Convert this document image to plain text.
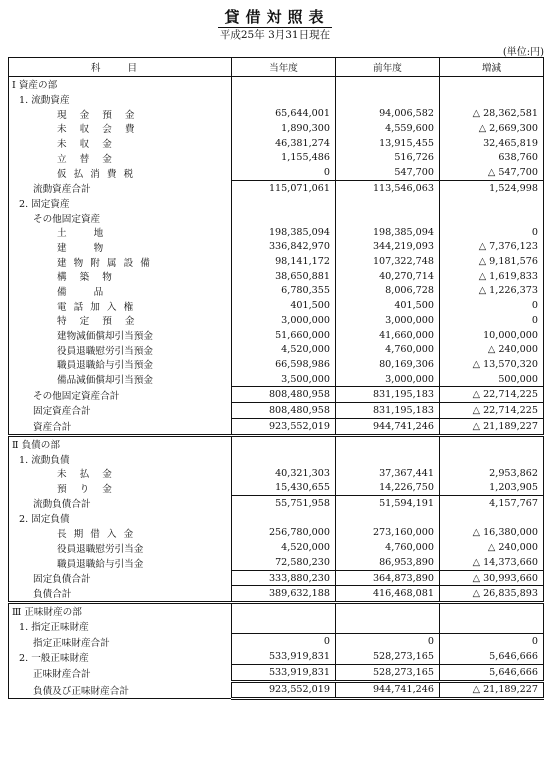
貸借対照表
平成25年 3月31日現在
(単位:円)
科 目	当年度	前年度	増減
Ⅰ 資産の部			
1. 流動資産			
現 金 預 金	65,644,001	94,006,582	△ 28,362,581
未 収 会 費	1,890,300	4,559,600	△ 2,669,300
未 収 金	46,381,274	13,915,455	32,465,819
立 替 金	1,155,486	516,726	638,760
仮 払 消 費 税	0	547,700	△ 547,700
流動資産合計	115,071,061	113,546,063	1,524,998
2. 固定資産			
その他固定資産			
土 地	198,385,094	198,385,094	0
建 物	336,842,970	344,219,093	△ 7,376,123
建 物 附 属 設 備	98,141,172	107,322,748	△ 9,181,576
構 築 物	38,650,881	40,270,714	△ 1,619,833
備 品	6,780,355	8,006,728	△ 1,226,373
電 話 加 入 権	401,500	401,500	0
特 定 預 金	3,000,000	3,000,000	0
建物減価償却引当預金	51,660,000	41,660,000	10,000,000
役員退職慰労引当預金	4,520,000	4,760,000	△ 240,000
職員退職給与引当預金	66,598,986	80,169,306	△ 13,570,320
備品減価償却引当預金	3,500,000	3,000,000	500,000
その他固定資産合計	808,480,958	831,195,183	△ 22,714,225
固定資産合計	808,480,958	831,195,183	△ 22,714,225
資産合計	923,552,019	944,741,246	△ 21,189,227
Ⅱ 負債の部			
1. 流動負債			
未 払 金	40,321,303	37,367,441	2,953,862
預 り 金	15,430,655	14,226,750	1,203,905
流動負債合計	55,751,958	51,594,191	4,157,767
2. 固定負債			
長 期 借 入 金	256,780,000	273,160,000	△ 16,380,000
役員退職慰労引当金	4,520,000	4,760,000	△ 240,000
職員退職給与引当金	72,580,230	86,953,890	△ 14,373,660
固定負債合計	333,880,230	364,873,890	△ 30,993,660
負債合計	389,632,188	416,468,081	△ 26,835,893
Ⅲ 正味財産の部			
1. 指定正味財産			
指定正味財産合計	0	0	0
2. 一般正味財産	533,919,831	528,273,165	5,646,666
正味財産合計	533,919,831	528,273,165	5,646,666
負債及び正味財産合計	923,552,019	944,741,246	△ 21,189,227
